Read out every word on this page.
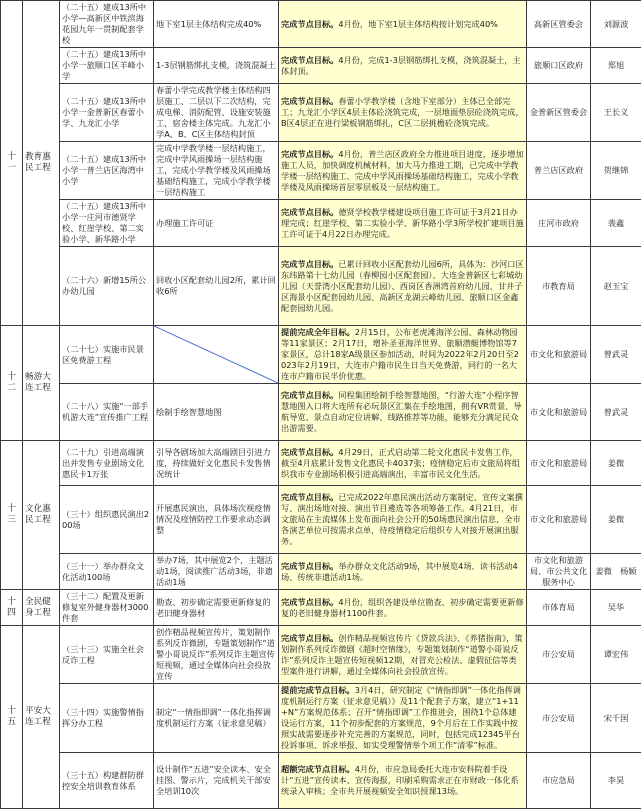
十一	教育惠民工程	（二十五）建成13所中小学—高新区中铁滨海花园九年一贯制配套学校	地下室1层主体结构完成40%	完成节点目标。4月份，地下室1层主体结构按计划完成40%	高新区管委会	刘源波
		（二十五）建成13所中小学一旅顺口区羊峰小学	1-3层钢筋绑扎支模，浇筑混凝土	完成节点目标。4月份，完成1-3层钢筋绑扎支模，浇筑混凝土，主体封顶。	旅顺口区政府	郑旭
		（二十五）建成13所中小学一金普新区春蕾小学、九龙汇小学	春蕾小学完成教学楼主体结构四层施工、二层以下二次结构，完成电梯、消防配管、设施安装施工，宿舍楼主体完成。九龙汇小学A、B、C区主体结构封顶	完成节点目标。春蕾小学教学楼（含地下室部分）主体已全部完工；九龙汇小学区4层主体砼浇筑完成，一层地面垫层砼浇筑完成，B区4层正在进行梁板钢筋绑扎，C区二层挑檐砼浇筑完成。	金普新区管委会	王长义
		（二十五）建成13所中小学一普兰店区海湾中小学	完成中学教学楼一层结构施工，完成中学风雨操场一层结构施工，完成小学教学楼及风雨操场基础结构施工，完成小学教学楼一层结构施工	完成节点目标。4月份，普兰店区政府全力推进项目进度，逐步增加施工人员，加快调度机械材料，加大马力推进工期，已完成中学教学楼一层结构施工、完成中学风雨操场基础结构施工，完成小学教学楼及风雨操场首层零层板及一层结构施工。	普兰店区政府	贺继锦
		（二十五）建成13所中小学一庄河市德贤学校、红崖学校、第二实验小学、新华路小学	办理施工许可证	完成节点目标。德贤学校教学楼建设项目施工许可证于3月21日办理完成；红崖学校、第二实验小学、新华路小学3所学校扩建项目施工许可证于4月22日办理完成。	庄河市政府	裴鑫
		（二十六）新增15所公办幼儿园	回收小区配套幼儿园2所，累计回收6所	完成节点目标。已累计回收小区配套幼儿园6所，具体为：沙河口区东纬路第十七幼儿园（春柳园小区配套园）、大连金普新区七彩城幼儿园（天誉湾小区配套幼儿园）、西岗区香洲湾首府幼儿园、甘井子区海景小区配套园幼儿园、高新区龙湖云峰幼儿园、旅顺口区金鑫配套园幼儿园。	市教育局	赵玉宝
十二	畅游大连工程	（二十七）实施市民景区免费游工程		提前完成全年目标。2月15日，公布老虎滩海洋公园、森林动物园等11家景区；2月17日，增补圣亚海洋世界、旅顺潜艇博物馆等7家景区，总计18家A级景区参加活动，时间为2022年2月20日至2023年2月19日，大连市户籍市民生日当天免费游，同行的一名大连市户籍市民半价优惠。	市文化和旅游局	曾武灵
		（二十八）实施“一部手机游大连”宣传推广工程	绘制手绘智慧地图	完成节点目标。同程集团绘制手绘智慧地图，“行游大连”小程序智慧地图入口将大连所有必玩景区汇集在手绘地图，拥有VR赏景、导航导览、景点自动定位讲解、线路推荐等功能，能够充分满足民众出游需要。	市文化和旅游局	曾武灵
十三	文化惠民工程	（二十九）引进高端演出并发售专业剧场文化惠民卡1万张	引导各剧场加大高端剧目引进力度，持续做好文化惠民卡发售情况统计	完成节点目标。4月29日，正式启动第二轮文化惠民卡发售工作，截至4月底累计发售文化惠民卡4037张；疫情稳定后市文旅局将组织我市专业剧场积极引进高端演出，丰富市民文化生活。	市文化和旅游局	姜微
		（三十）组织惠民演出200场	开展惠民演出，具体场次视疫情情况及疫情防控工作要求动态调整	完成节点目标。已完成2022年惠民演出活动方案制定、宣传文案撰写、演出场地对接、演出节目遴选等各项筹备工作。4月21日，市文旅局在主流媒体上发布面向社会公开的50场惠民演出信息，全市各演艺单位可按需求点单，待疫情稳定后组织专人对接开展演出服务。	市文化和旅游局	姜微
		（三十一）举办群众文化活动100场	举办7场，其中展览2个，主题活动1场，阅读推广活动3场，非遗活动1场	完成节点目标。举办群众文化活动9场，其中展览4场、读书活动4场、传统非遗活动1场。	市文化和旅游局、市公共文化服务中心	姜微　杨颖
十四	全民健身工程	（三十二）配置及更新修复室外健身器材3000件套	勘查、初步确定需要更新修复的老旧健身器材	完成节点目标。4月份，组织各建设单位勘查、初步确定需要更新修复的老旧健身器材1100件套。	市体育局	吴华
十五	平安大连工程	（三十三）实施全社会反诈工程	创作精品视频宣传片，策划制作系列反诈微剧，专题策划制作“道警小哥说反诈”系列反诈主题宣传短视频，通过全媒体向社会投放宣传	完成节点目标。创作精品视频宣传片《贷款兵法》、《养猪指南》，策划制作系列反诈微剧《超时空情缘》，专题策划制作“道警小哥说反诈”系列反诈主题宣传短视频12期，对冒充公检法、虚假征信等类型案件进行讲解，通过全媒体向社会投放宣传。	市公安局	谭宏伟
		（三十四）实施警情指挥分办工程	制定“一情指即调”一体化指挥调度机制运行方案（征求意见稿）	提前完成节点目标。3月4日，研究制定《“情指即调”一体化指挥调度机制运行方案（征求意见稿）》及11个配套子方案，建立“1+11+N”方案规范体系；召开“情指即调”工作推进会，围绕1个总体建设运行方案，11个初步配套的方案规范，9个月后在工作实践中按照实战需要逐步补充完善的方案规范，同时，包括完成12345平台投诉事项、诉求举报、如实受理警情举个项工作“清零”标准。	市公安局	宋千国
		（三十五）构建群防群控安全培训教育体系	设计制作“五进”安全读本、安全挂图、警示片，完成机关干部安全培训10次	超额完成节点目标。4月份，市应急局委托大连市安科院着手设计“五进”宣传读本、宣传海报，印刷采购需求正在市财政一体化系统录入审核；全市共开展视频安全知识授课13场。	市应急局	李昊
